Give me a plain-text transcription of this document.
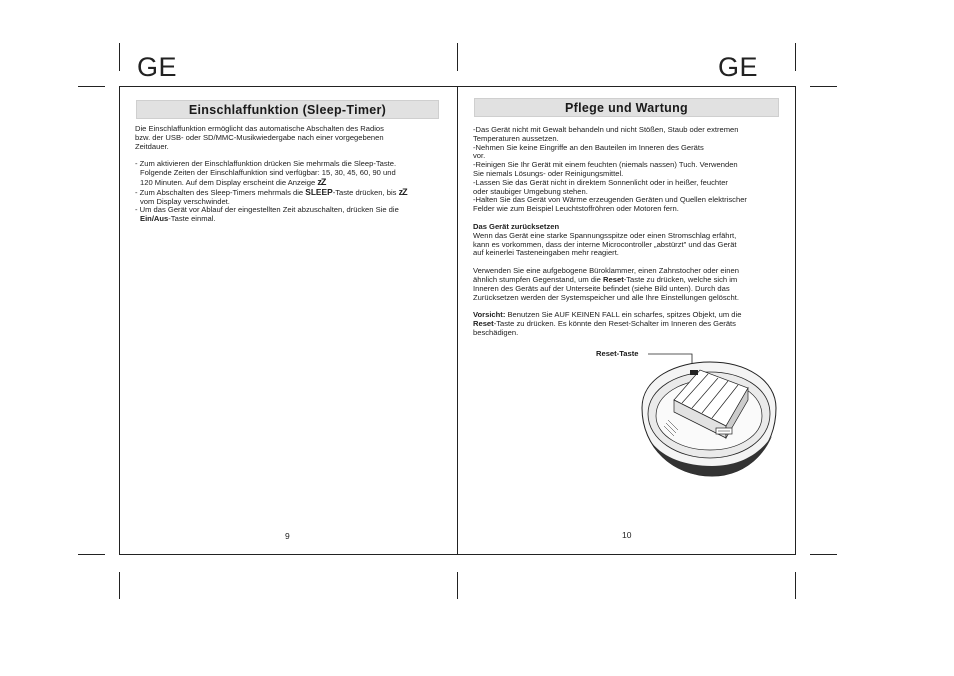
GE
Einschlaffunktion (Sleep-Timer)

Die Einschlaffunktion ermöglicht das automatische Abschalten des Radios

bzw. der USB- oder SD/MMC-Musikwiedergabe nach einer vorgegebenen

Zeitdauer.

- Zum aktivieren der Einschlaffunktion drücken Sie mehrmals die Sleep-Taste.

Folgende Zeiten der Einschlaffunktion sind verfügbar: 15, 30, 45, 60, 90 und

120 Minuten. Auf dem Display erscheint die Anzeige zZ

- Zum Abschalten des Sleep-Timers mehrmals die SLEEP-Taste drücken, bis zZ

vom Display verschwindet.

- Um das Gerät vor Ablauf der eingestellten Zeit abzuschalten, drücken Sie die

Ein/Aus-Taste einmal.

9
GE
Pflege und Wartung

-Das Gerät nicht mit Gewalt behandeln und nicht Stößen, Staub oder extremen

Temperaturen aussetzen.

-Nehmen Sie keine Eingriffe an den Bauteilen im Inneren des Geräts

vor.

-Reinigen Sie Ihr Gerät mit einem feuchten (niemals nassen) Tuch. Verwenden

Sie niemals Lösungs- oder Reinigungsmittel.

-Lassen Sie das Gerät nicht in direktem Sonnenlicht oder in heißer, feuchter

oder staubiger Umgebung stehen.

-Halten Sie das Gerät von Wärme erzeugenden Geräten und Quellen elektrischer

Felder wie zum Beispiel Leuchtstoffröhren oder Motoren fern.

Das Gerät zurücksetzen

Wenn das Gerät eine starke Spannungsspitze oder einen Stromschlag erfährt,

kann es vorkommen, dass der interne Microcontroller „abstürzt" und das Gerät

auf keinerlei Tasteneingaben mehr reagiert.

Verwenden Sie eine aufgebogene Büroklammer, einen Zahnstocher oder einen

ähnlich stumpfen Gegenstand, um die Reset-Taste zu drücken, welche sich im

Inneren des Geräts auf der Unterseite befindet (siehe Bild unten). Durch das

Zurücksetzen werden der Systemspeicher und alle Ihre Einstellungen gelöscht.

Vorsicht: Benutzen Sie AUF KEINEN FALL ein scharfes, spitzes Objekt, um die

Reset-Taste zu drücken. Es könnte den Reset-Schalter im Inneren des Geräts

beschädigen.

Reset-Taste
10
